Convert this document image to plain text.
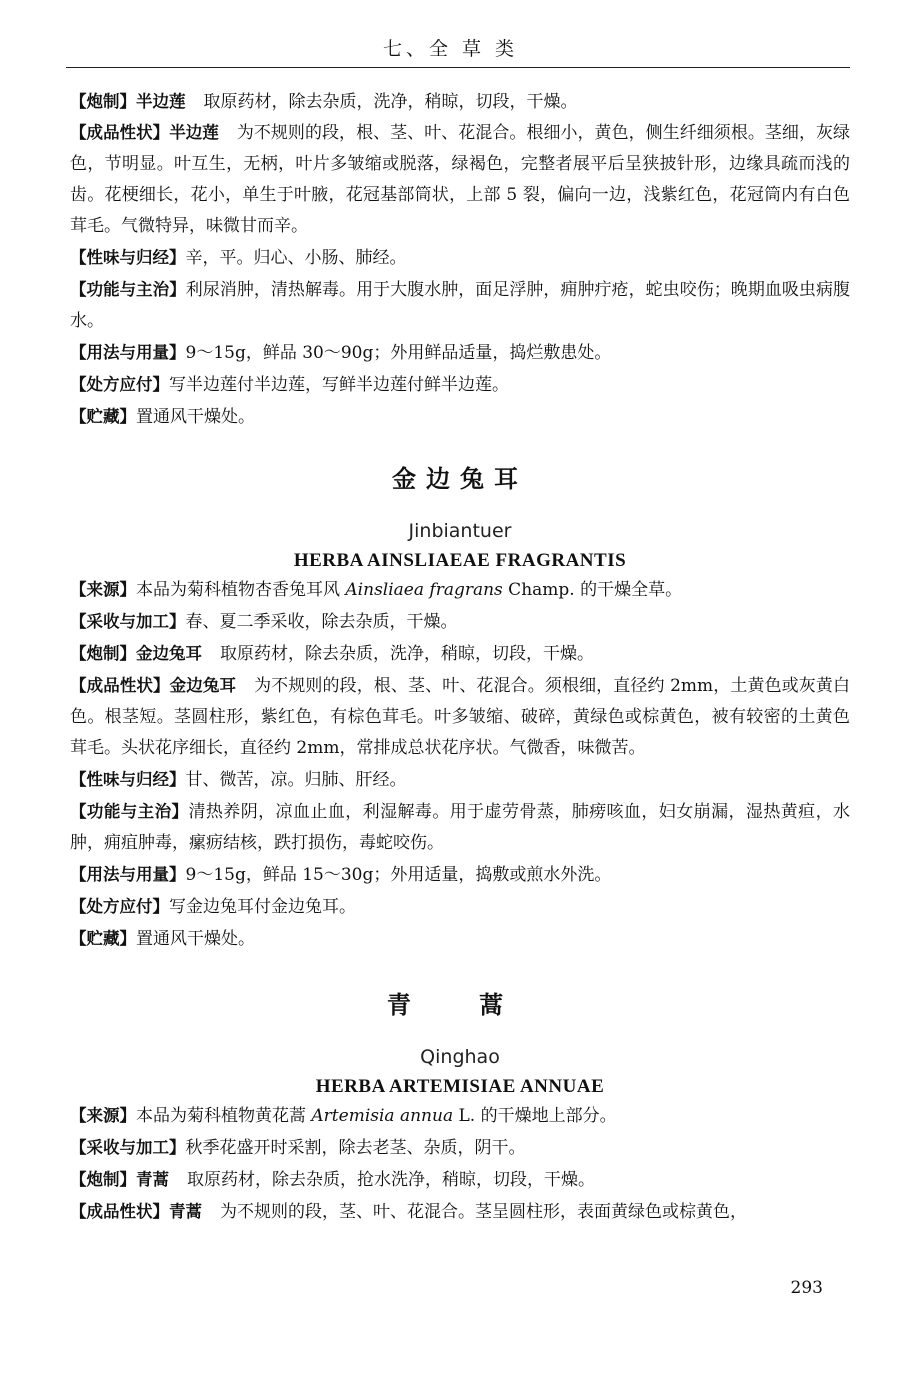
七、全 草 类

【炮制】半边莲 取原药材，除去杂质，洗净，稍晾，切段，干燥。

【成品性状】半边莲 为不规则的段，根、茎、叶、花混合。根细小，黄色，侧生纤细须根。茎细，灰绿色，节明显。叶互生，无柄，叶片多皱缩或脱落，绿褐色，完整者展平后呈狭披针形，边缘具疏而浅的齿。花梗细长，花小，单生于叶腋，花冠基部筒状，上部 5 裂，偏向一边，浅紫红色，花冠筒内有白色茸毛。气微特异，味微甘而辛。

【性味与归经】辛，平。归心、小肠、肺经。

【功能与主治】利尿消肿，清热解毒。用于大腹水肿，面足浮肿，痈肿疔疮，蛇虫咬伤；晚期血吸虫病腹水。

【用法与用量】9～15g，鲜品 30～90g；外用鲜品适量，捣烂敷患处。

【处方应付】写半边莲付半边莲，写鲜半边莲付鲜半边莲。

【贮藏】置通风干燥处。

金边兔耳

Jinbiantuer

HERBA AINSLIAEAE FRAGRANTIS

【来源】本品为菊科植物杏香兔耳风 Ainsliaea fragrans Champ. 的干燥全草。

【采收与加工】春、夏二季采收，除去杂质，干燥。

【炮制】金边兔耳 取原药材，除去杂质，洗净，稍晾，切段，干燥。

【成品性状】金边兔耳 为不规则的段，根、茎、叶、花混合。须根细，直径约 2mm，土黄色或灰黄白色。根茎短。茎圆柱形，紫红色，有棕色茸毛。叶多皱缩、破碎，黄绿色或棕黄色，被有较密的土黄色茸毛。头状花序细长，直径约 2mm，常排成总状花序状。气微香，味微苦。

【性味与归经】甘、微苦，凉。归肺、肝经。

【功能与主治】清热养阴，凉血止血，利湿解毒。用于虚劳骨蒸，肺痨咳血，妇女崩漏，湿热黄疸，水肿，痈疽肿毒，瘰疬结核，跌打损伤，毒蛇咬伤。

【用法与用量】9～15g，鲜品 15～30g；外用适量，捣敷或煎水外洗。

【处方应付】写金边兔耳付金边兔耳。

【贮藏】置通风干燥处。

青 蒿

Qinghao

HERBA ARTEMISIAE ANNUAE

【来源】本品为菊科植物黄花蒿 Artemisia annua L. 的干燥地上部分。

【采收与加工】秋季花盛开时采割，除去老茎、杂质，阴干。

【炮制】青蒿 取原药材，除去杂质，抢水洗净，稍晾，切段，干燥。

【成品性状】青蒿 为不规则的段，茎、叶、花混合。茎呈圆柱形，表面黄绿色或棕黄色，

293
